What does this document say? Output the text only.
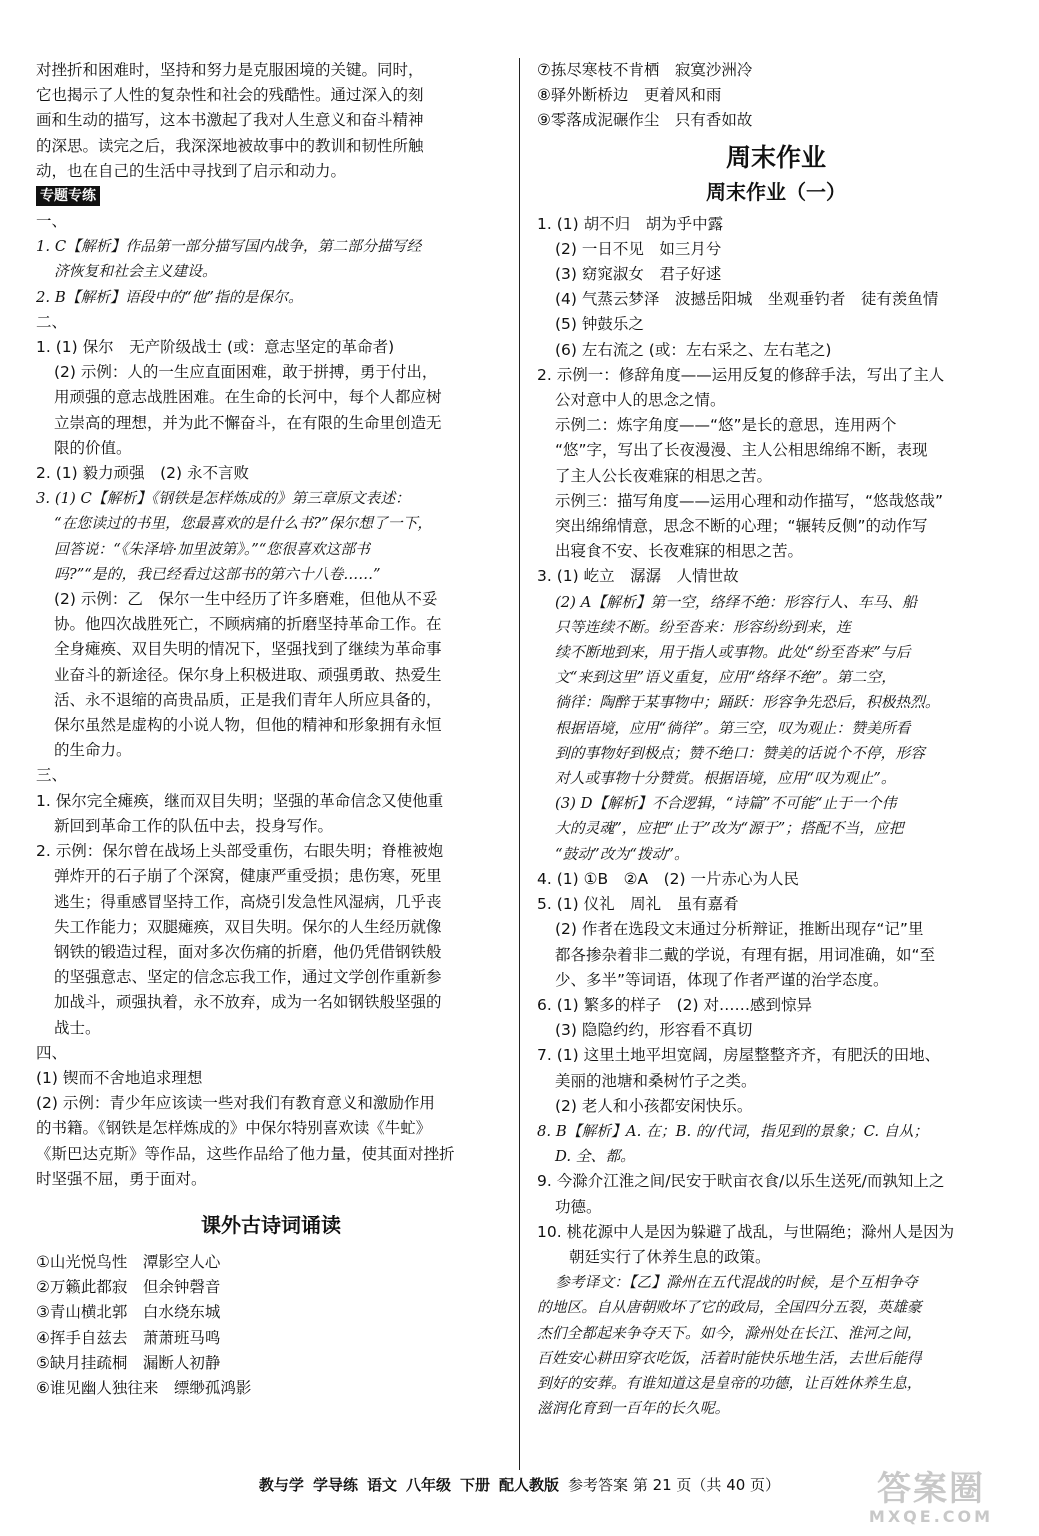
对挫折和困难时，坚持和努力是克服困境的关键。同时，
它也揭示了人性的复杂性和社会的残酷性。通过深入的刻
画和生动的描写，这本书激起了我对人生意义和奋斗精神
的深思。读完之后，我深深地被故事中的教训和韧性所触
动，也在自己的生活中寻找到了启示和动力。
专题专练
一、
1. C【解析】作品第一部分描写国内战争，第二部分描写经
济恢复和社会主义建设。
2. B【解析】语段中的“他”指的是保尔。
二、
1. (1) 保尔　无产阶级战士 (或：意志坚定的革命者)
(2) 示例：人的一生应直面困难，敢于拼搏，勇于付出，
用顽强的意志战胜困难。在生命的长河中，每个人都应树
立崇高的理想，并为此不懈奋斗，在有限的生命里创造无
限的价值。
2. (1) 毅力顽强　(2) 永不言败
3. (1) C【解析】《钢铁是怎样炼成的》第三章原文表述：
“在您读过的书里，您最喜欢的是什么书?”保尔想了一下，
回答说：“《朱泽培·加里波第》。”“您很喜欢这部书
吗?”“是的，我已经看过这部书的第六十八卷……”
(2) 示例：乙　保尔一生中经历了许多磨难，但他从不妥
协。他四次战胜死亡，不顾病痛的折磨坚持革命工作。在
全身瘫痪、双目失明的情况下，坚强找到了继续为革命事
业奋斗的新途径。保尔身上积极进取、顽强勇敢、热爱生
活、永不退缩的高贵品质，正是我们青年人所应具备的，
保尔虽然是虚构的小说人物，但他的精神和形象拥有永恒
的生命力。
三、
1. 保尔完全瘫痪，继而双目失明；坚强的革命信念又使他重
新回到革命工作的队伍中去，投身写作。
2. 示例：保尔曾在战场上头部受重伤，右眼失明；脊椎被炮
弹炸开的石子崩了个深窝，健康严重受损；患伤寒，死里
逃生；得重感冒坚持工作，高烧引发急性风湿病，几乎丧
失工作能力；双腿瘫痪，双目失明。保尔的人生经历就像
钢铁的锻造过程，面对多次伤痛的折磨，他仍凭借钢铁般
的坚强意志、坚定的信念忘我工作，通过文学创作重新参
加战斗，顽强执着，永不放弃，成为一名如钢铁般坚强的
战士。
四、
(1) 锲而不舍地追求理想
(2) 示例：青少年应该读一些对我们有教育意义和激励作用
的书籍。《钢铁是怎样炼成的》中保尔特别喜欢读《牛虻》
《斯巴达克斯》等作品，这些作品给了他力量，使其面对挫折
时坚强不屈，勇于面对。
课外古诗词诵读
①山光悦鸟性　潭影空人心
②万籁此都寂　但余钟磬音
③青山横北郭　白水绕东城
④挥手自兹去　萧萧班马鸣
⑤缺月挂疏桐　漏断人初静
⑥谁见幽人独往来　缥缈孤鸿影
⑦拣尽寒枝不肯栖　寂寞沙洲冷
⑧驿外断桥边　更着风和雨
⑨零落成泥碾作尘　只有香如故
周末作业
周末作业（一）
1. (1) 胡不归　胡为乎中露
(2) 一日不见　如三月兮
(3) 窈窕淑女　君子好逑
(4) 气蒸云梦泽　波撼岳阳城　坐观垂钓者　徒有羡鱼情
(5) 钟鼓乐之
(6) 左右流之 (或：左右采之、左右芼之)
2. 示例一：修辞角度——运用反复的修辞手法，写出了主人
公对意中人的思念之情。
示例二：炼字角度——“悠”是长的意思，连用两个
“悠”字，写出了长夜漫漫、主人公相思绵绵不断，表现
了主人公长夜难寐的相思之苦。
示例三：描写角度——运用心理和动作描写，“悠哉悠哉”
突出绵绵情意，思念不断的心理；“辗转反侧”的动作写
出寝食不安、长夜难寐的相思之苦。
3. (1) 屹立　潺潺　人情世故
(2) A【解析】第一空，络绎不绝：形容行人、车马、船
只等连续不断。纷至沓来：形容纷纷到来，连
续不断地到来，用于指人或事物。此处“纷至沓来”与后
文“来到这里”语义重复，应用“络绎不绝”。第二空，
徜徉：陶醉于某事物中；踊跃：形容争先恐后，积极热烈。
根据语境，应用“徜徉”。第三空，叹为观止：赞美所看
到的事物好到极点；赞不绝口：赞美的话说个不停，形容
对人或事物十分赞赏。根据语境，应用“叹为观止”。
(3) D【解析】不合逻辑，“诗篇”不可能“止于一个伟
大的灵魂”，应把“止于”改为“源于”；搭配不当，应把
“鼓动”改为“拨动”。
4. (1) ①B　②A　(2) 一片赤心为人民
5. (1) 仪礼　周礼　虽有嘉肴
(2) 作者在选段文末通过分析辩证，推断出现存“记”里
都各掺杂着非二戴的学说，有理有据，用词准确，如“至
少、多半”等词语，体现了作者严谨的治学态度。
6. (1) 繁多的样子　(2) 对……感到惊异
(3) 隐隐约约，形容看不真切
7. (1) 这里土地平坦宽阔，房屋整整齐齐，有肥沃的田地、
美丽的池塘和桑树竹子之类。
(2) 老人和小孩都安闲快乐。
8. B【解析】A. 在；B. 的/代词，指见到的景象；C. 自从；
D. 全、都。
9. 今滁介江淮之间/民安于畎亩衣食/以乐生送死/而孰知上之
功德。
10. 桃花源中人是因为躲避了战乱，与世隔绝；滁州人是因为
朝廷实行了休养生息的政策。
参考译文：【乙】滁州在五代混战的时候，是个互相争夺
的地区。自从唐朝败坏了它的政局，全国四分五裂，英雄豪
杰们全都起来争夺天下。如今，滁州处在长江、淮河之间，
百姓安心耕田穿衣吃饭，活着时能快乐地生活，去世后能得
到好的安葬。有谁知道这是皇帝的功德，让百姓休养生息，
滋润化育到一百年的长久呢。
教与学 学导练 语文 八年级 下册 配人教版 参考答案 第 21 页（共 40 页）	答案圈
MXQE.COM
